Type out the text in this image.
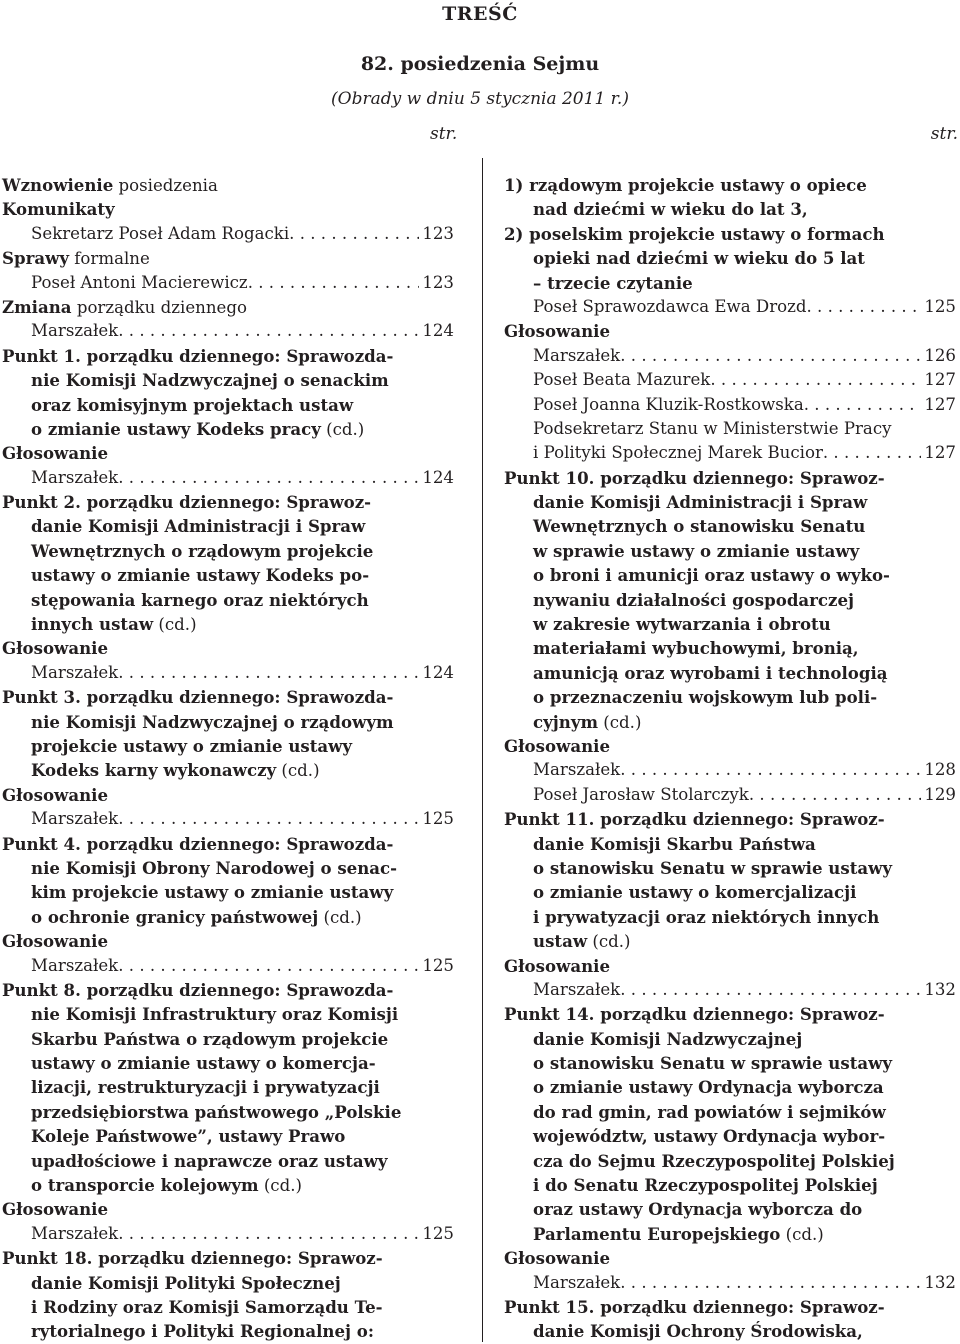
TREŚĆ
82. posiedzenia Sejmu
(Obrady w dniu 5 stycznia 2011 r.)
str.	str.
Wznowienie posiedzenia
Komunikaty
Sekretarz Poseł Adam Rogacki . . .	123
Sprawy formalne
Poseł Antoni Macierewicz . . .	123
Zmiana porządku dziennego
Marszałek . . .	124
Punkt 1. porządku dziennego: Sprawozda-
nie Komisji Nadzwyczajnej o senackim
oraz komisyjnym projektach ustaw
o zmianie ustawy Kodeks pracy (cd.)
Głosowanie
Marszałek . . .	124
Punkt 2. porządku dziennego: Sprawoz-
danie Komisji Administracji i Spraw
Wewnętrznych o rządowym projekcie
ustawy o zmianie ustawy Kodeks po-
stępowania karnego oraz niektórych
innych ustaw (cd.)
Głosowanie
Marszałek . . .	124
Punkt 3. porządku dziennego: Sprawozda-
nie Komisji Nadzwyczajnej o rządowym
projekcie ustawy o zmianie ustawy
Kodeks karny wykonawczy (cd.)
Głosowanie
Marszałek . . .	125
Punkt 4. porządku dziennego: Sprawozda-
nie Komisji Obrony Narodowej o senac-
kim projekcie ustawy o zmianie ustawy
o ochronie granicy państwowej (cd.)
Głosowanie
Marszałek . . .	125
Punkt 8. porządku dziennego: Sprawozda-
nie Komisji Infrastruktury oraz Komisji
Skarbu Państwa o rządowym projekcie
ustawy o zmianie ustawy o komercja-
lizacji, restrukturyzacji i prywatyzacji
przedsiębiorstwa państwowego „Polskie
Koleje Państwowe”, ustawy Prawo
upadłościowe i naprawcze oraz ustawy
o transporcie kolejowym (cd.)
Głosowanie
Marszałek . . .	125
Punkt 18. porządku dziennego: Sprawoz-
danie Komisji Polityki Społecznej
i Rodziny oraz Komisji Samorządu Te-
rytorialnego i Polityki Regionalnej o:
1) rządowym projekcie ustawy o opiece
nad dziećmi w wieku do lat 3,
2) poselskim projekcie ustawy o formach
opieki nad dziećmi w wieku do 5 lat
– trzecie czytanie
Poseł Sprawozdawca Ewa Drozd . . .	125
Głosowanie
Marszałek . . .	126
Poseł Beata Mazurek . . .	127
Poseł Joanna Kluzik-Rostkowska . . .	127
Podsekretarz Stanu w Ministerstwie Pracy
i Polityki Społecznej Marek Bucior . . .	127
Punkt 10. porządku dziennego: Sprawoz-
danie Komisji Administracji i Spraw
Wewnętrznych o stanowisku Senatu
w sprawie ustawy o zmianie ustawy
o broni i amunicji oraz ustawy o wyko-
nywaniu działalności gospodarczej
w zakresie wytwarzania i obrotu
materiałami wybuchowymi, bronią,
amunicją oraz wyrobami i technologią
o przeznaczeniu wojskowym lub poli-
cyjnym (cd.)
Głosowanie
Marszałek . . .	128
Poseł Jarosław Stolarczyk . . .	129
Punkt 11. porządku dziennego: Sprawoz-
danie Komisji Skarbu Państwa
o stanowisku Senatu w sprawie ustawy
o zmianie ustawy o komercjalizacji
i prywatyzacji oraz niektórych innych
ustaw (cd.)
Głosowanie
Marszałek . . .	132
Punkt 14. porządku dziennego: Sprawoz-
danie Komisji Nadzwyczajnej
o stanowisku Senatu w sprawie ustawy
o zmianie ustawy Ordynacja wyborcza
do rad gmin, rad powiatów i sejmików
województw, ustawy Ordynacja wybor-
cza do Sejmu Rzeczypospolitej Polskiej
i do Senatu Rzeczypospolitej Polskiej
oraz ustawy Ordynacja wyborcza do
Parlamentu Europejskiego (cd.)
Głosowanie
Marszałek . . .	132
Punkt 15. porządku dziennego: Sprawoz-
danie Komisji Ochrony Środowiska,
